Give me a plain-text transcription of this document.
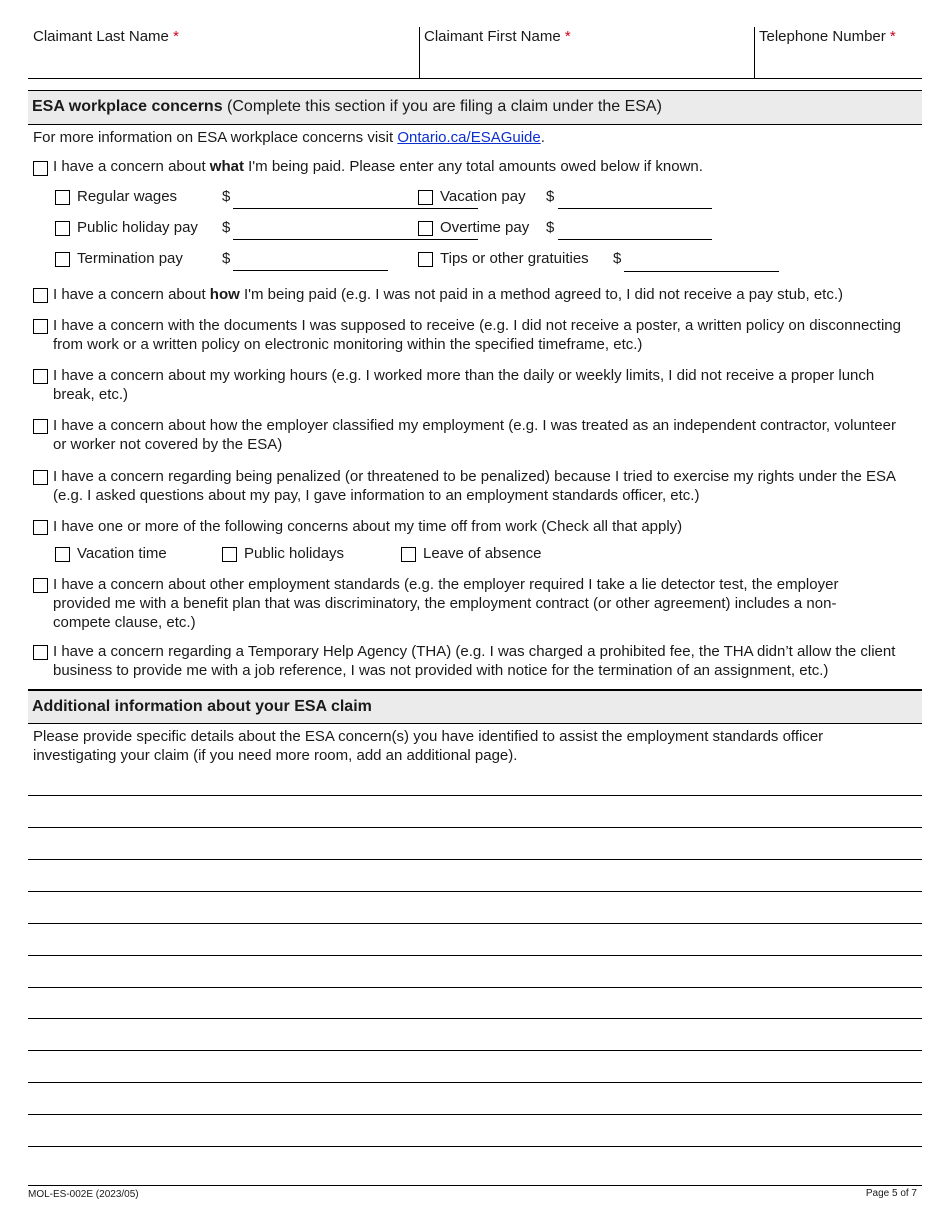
Claimant Last Name *	Claimant First Name *	Telephone Number *
ESA workplace concerns (Complete this section if you are filing a claim under the ESA)
For more information on ESA workplace concerns visit Ontario.ca/ESAGuide.
I have a concern about what I'm being paid. Please enter any total amounts owed below if known.
Regular wages	$	Vacation pay $
Public holiday pay $	Overtime pay $
Termination pay	$	Tips or other gratuities $
I have a concern about how I'm being paid (e.g. I was not paid in a method agreed to, I did not receive a pay stub, etc.)
I have a concern with the documents I was supposed to receive (e.g. I did not receive a poster, a written policy on disconnecting from work or a written policy on electronic monitoring within the specified timeframe, etc.)
I have a concern about my working hours (e.g. I worked more than the daily or weekly limits, I did not receive a proper lunch break, etc.)
I have a concern about how the employer classified my employment (e.g. I was treated as an independent contractor, volunteer or worker not covered by the ESA)
I have a concern regarding being penalized (or threatened to be penalized) because I tried to exercise my rights under the ESA (e.g. I asked questions about my pay, I gave information to an employment standards officer, etc.)
I have one or more of the following concerns about my time off from work (Check all that apply)
Vacation time	Public holidays	Leave of absence
I have a concern about other employment standards (e.g. the employer required I take a lie detector test, the employer provided me with a benefit plan that was discriminatory, the employment contract (or other agreement) includes a non-compete clause, etc.)
I have a concern regarding a Temporary Help Agency (THA) (e.g. I was charged a prohibited fee, the THA didn’t allow the client business to provide me with a job reference, I was not provided with notice for the termination of an assignment, etc.)
Additional information about your ESA claim
Please provide specific details about the ESA concern(s) you have identified to assist the employment standards officer investigating your claim (if you need more room, add an additional page).
MOL-ES-002E (2023/05)	Page 5 of 7
